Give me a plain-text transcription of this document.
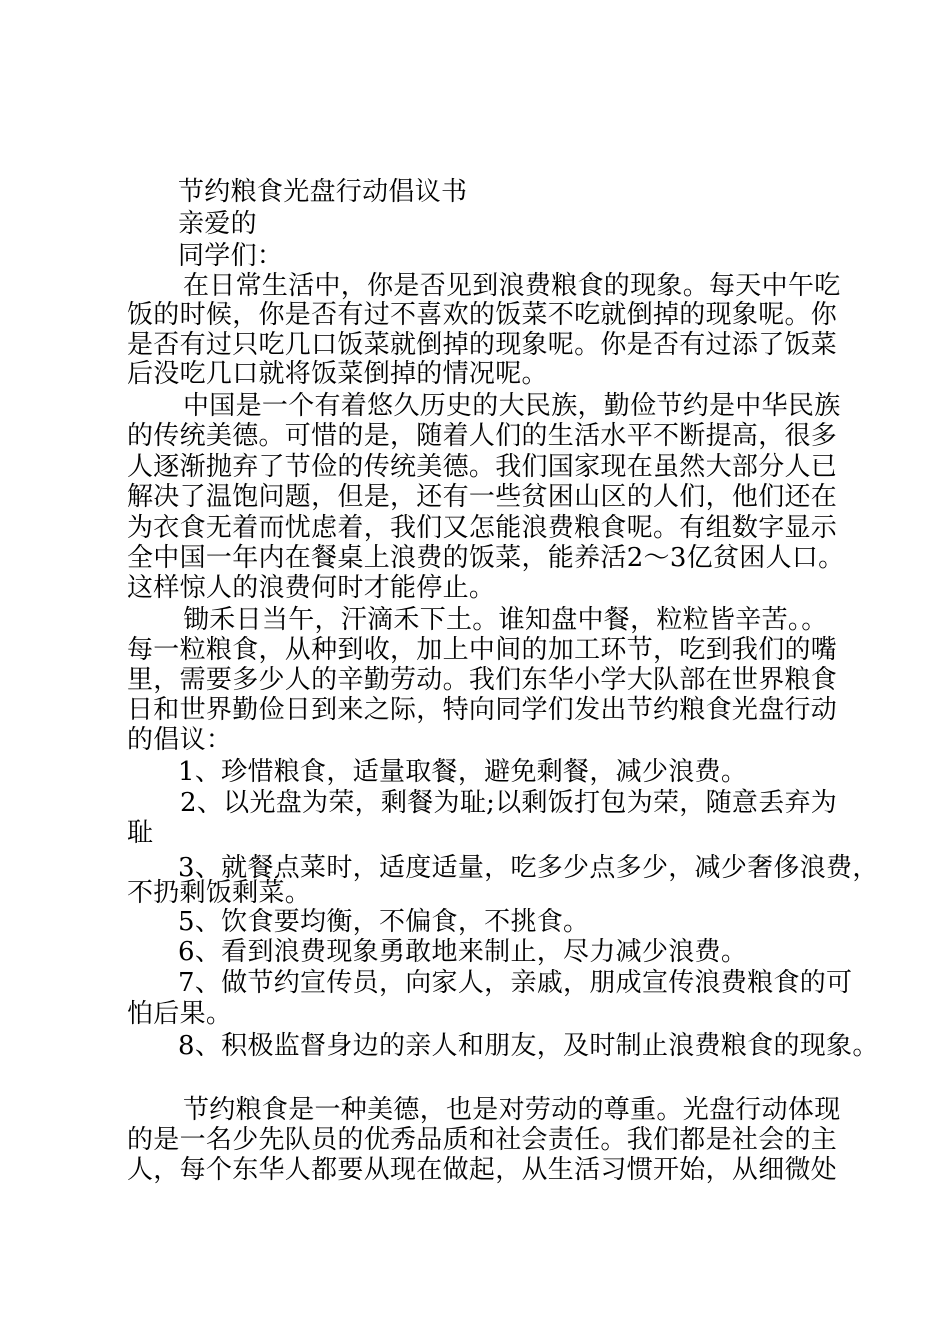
节约粮食光盘行动倡议书
亲爱的
同学们：
在日常生活中，你是否见到浪费粮食的现象。每天中午吃
饭的时候，你是否有过不喜欢的饭菜不吃就倒掉的现象呢。你
是否有过只吃几口饭菜就倒掉的现象呢。你是否有过添了饭菜
后没吃几口就将饭菜倒掉的情况呢。
中国是一个有着悠久历史的大民族，勤俭节约是中华民族
的传统美德。可惜的是，随着人们的生活水平不断提高，很多
人逐渐抛弃了节俭的传统美德。我们国家现在虽然大部分人已
解决了温饱问题，但是，还有一些贫困山区的人们，他们还在
为衣食无着而忧虑着，我们又怎能浪费粮食呢。有组数字显示
全中国一年内在餐桌上浪费的饭菜，能养活2～3亿贫困人口。
这样惊人的浪费何时才能停止。
锄禾日当午，汗滴禾下土。谁知盘中餐，粒粒皆辛苦。。
每一粒粮食，从种到收，加上中间的加工环节，吃到我们的嘴
里，需要多少人的辛勤劳动。我们东华小学大队部在世界粮食
日和世界勤俭日到来之际，特向同学们发出节约粮食光盘行动
的倡议：
1、珍惜粮食，适量取餐，避免剩餐，减少浪费。
2、以光盘为荣，剩餐为耻;以剩饭打包为荣，随意丢弃为
耻
3、就餐点菜时，适度适量，吃多少点多少，减少奢侈浪费，
不扔剩饭剩菜。
5、饮食要均衡，不偏食，不挑食。
6、看到浪费现象勇敢地来制止，尽力减少浪费。
7、做节约宣传员，向家人，亲戚，朋成宣传浪费粮食的可
怕后果。
8、积极监督身边的亲人和朋友，及时制止浪费粮食的现象。
节约粮食是一种美德，也是对劳动的尊重。光盘行动体现
的是一名少先队员的优秀品质和社会责任。我们都是社会的主
人，每个东华人都要从现在做起，从生活习惯开始，从细微处
